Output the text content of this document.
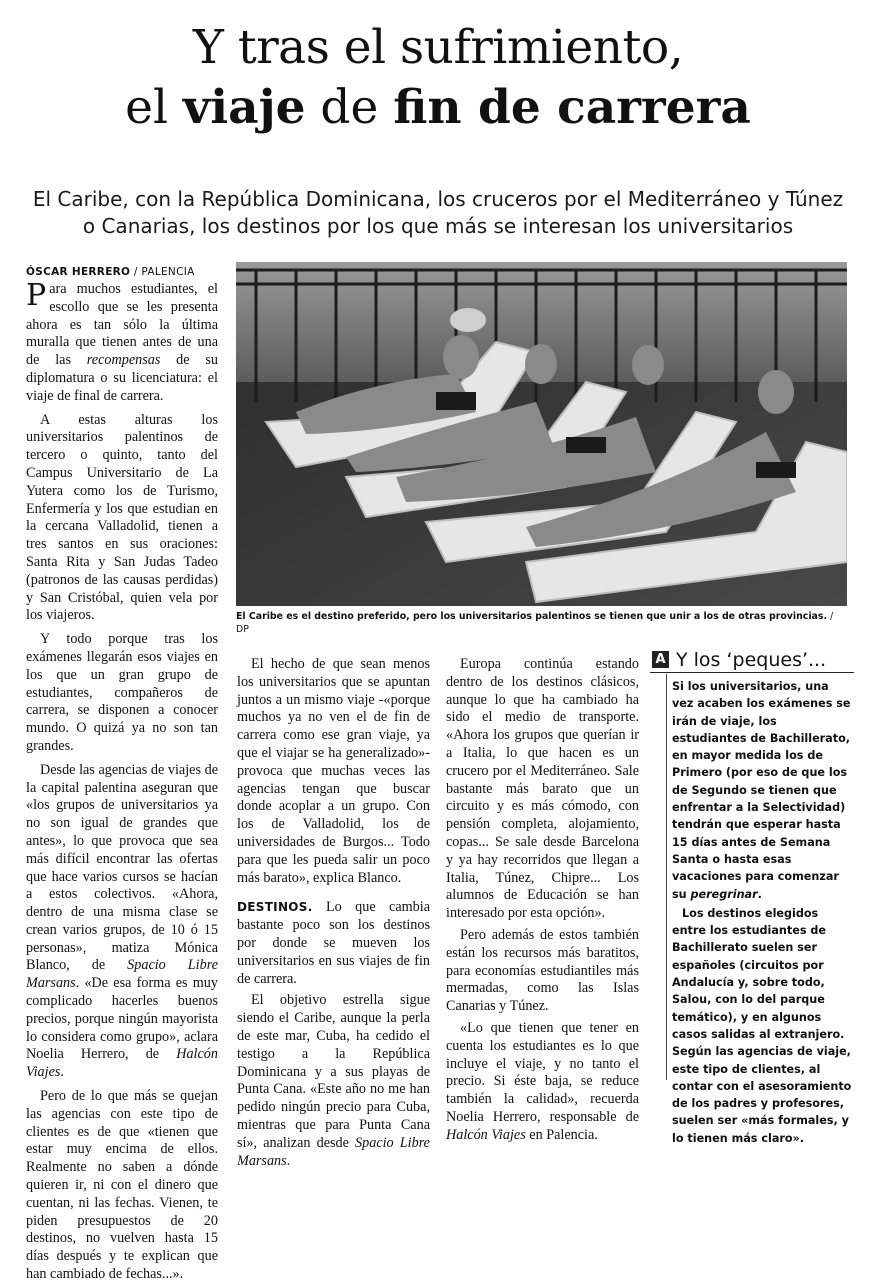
Y tras el sufrimiento,
el viaje de fin de carrera
El Caribe, con la República Dominicana, los cruceros por el Mediterráneo y Túnez o Canarias, los destinos por los que más se interesan los universitarios
ÓSCAR HERRERO / PALENCIA

Para muchos estudiantes, el escollo que se les presenta ahora es tan sólo la última muralla que tienen antes de una de las recompensas de su diplomatura o su licenciatura: el viaje de final de carrera.

A estas alturas los universitarios palentinos de tercero o quinto, tanto del Campus Universitario de La Yutera como los de Turismo, Enfermería y los que estudian en la cercana Valladolid, tienen a tres santos en sus oraciones: Santa Rita y San Judas Tadeo (patronos de las causas perdidas) y San Cristóbal, quien vela por los viajeros.

Y todo porque tras los exámenes llegarán esos viajes en los que un gran grupo de estudiantes, compañeros de carrera, se disponen a conocer mundo. O quizá ya no son tan grandes.

Desde las agencias de viajes de la capital palentina aseguran que «los grupos de universitarios ya no son igual de grandes que antes», lo que provoca que sea más difícil encontrar las ofertas que hace varios cursos se hacían a estos colectivos. «Ahora, dentro de una misma clase se crean varios grupos, de 10 ó 15 personas», matiza Mónica Blanco, de Spacio Libre Marsans. «De esa forma es muy complicado hacerles buenos precios, porque ningún mayorista lo considera como grupo», aclara Noelia Herrero, de Halcón Viajes.

Pero de lo que más se quejan las agencias con este tipo de clientes es de que «tienen que estar muy encima de ellos. Realmente no saben a dónde quieren ir, ni con el dinero que cuentan, ni las fechas. Vienen, te piden presupuestos de 20 destinos, no vuelven hasta 15 días después y te explican que han cambiado de fechas...».

El Caribe es el destino preferido, pero los universitarios palentinos se tienen que unir a los de otras provincias. / DP

El hecho de que sean menos los universitarios que se apuntan juntos a un mismo viaje -«porque muchos ya no ven el de fin de carrera como ese gran viaje, ya que el viajar se ha generalizado»- provoca que muchas veces las agencias tengan que buscar donde acoplar a un grupo. Con los de Valladolid, los de universidades de Burgos... Todo para que les pueda salir un poco más barato», explica Blanco.

DESTINOS. Lo que cambia bastante poco son los destinos por donde se mueven los universitarios en sus viajes de fin de carrera.

El objetivo estrella sigue siendo el Caribe, aunque la perla de este mar, Cuba, ha cedido el testigo a la República Dominicana y a sus playas de Punta Cana. «Este año no me han pedido ningún precio para Cuba, mientras que para Punta Cana sí», analizan desde Spacio Libre Marsans.

Europa continúa estando dentro de los destinos clásicos, aunque lo que ha cambiado ha sido el medio de transporte. «Ahora los grupos que querían ir a Italia, lo que hacen es un crucero por el Mediterráneo. Sale bastante más barato que un circuito y es más cómodo, con pensión completa, alojamiento, copas... Se sale desde Barcelona y ya hay recorridos que llegan a Italia, Túnez, Chipre... Los alumnos de Educación se han interesado por esta opción».

Pero además de estos también están los recursos más baratitos, para economías estudiantiles más mermadas, como las Islas Canarias y Túnez.

«Lo que tienen que tener en cuenta los estudiantes es lo que incluye el viaje, y no tanto el precio. Si éste baja, se reduce también la calidad», recuerda Noelia Herrero, responsable de Halcón Viajes en Palencia.

A Y los ‘peques’...

Si los universitarios, una vez acaben los exámenes se irán de viaje, los estudiantes de Bachillerato, en mayor medida los de Primero (por eso de que los de Segundo se tienen que enfrentar a la Selectividad) tendrán que esperar hasta 15 días antes de Semana Santa o hasta esas vacaciones para comenzar su peregrinar.

Los destinos elegidos entre los estudiantes de Bachillerato suelen ser españoles (circuitos por Andalucía y, sobre todo, Salou, con lo del parque temático), y en algunos casos salidas al extranjero. Según las agencias de viaje, este tipo de clientes, al contar con el asesoramiento de los padres y profesores, suelen ser «más formales, y lo tienen más claro».
